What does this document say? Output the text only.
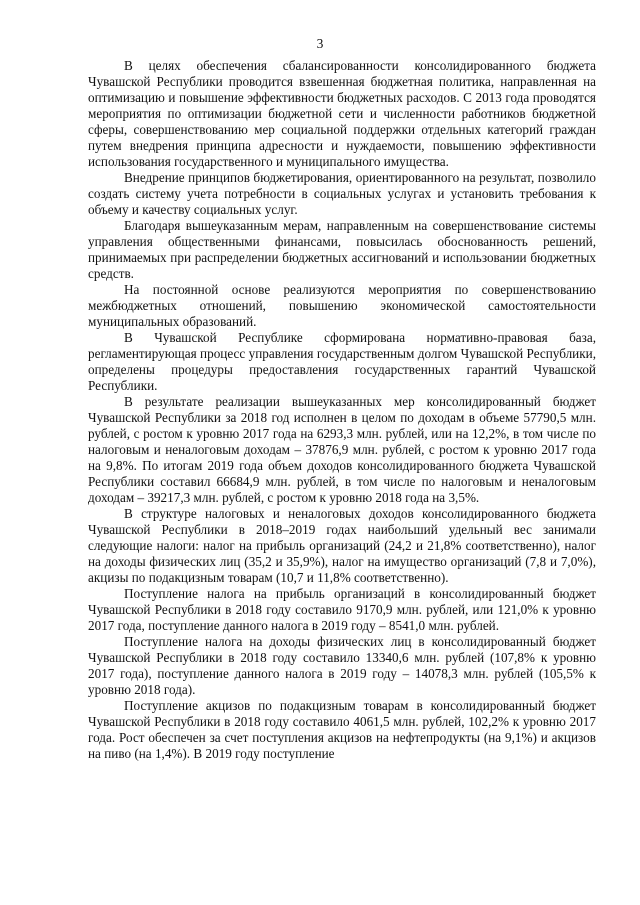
3

В целях обеспечения сбалансированности консолидированного бюджета Чувашской Республики проводится взвешенная бюджетная политика, направленная на оптимизацию и повышение эффективности бюджетных расходов. С 2013 года проводятся мероприятия по оптимизации бюджетной сети и численности работников бюджетной сферы, совершенствованию мер социальной поддержки отдельных категорий граждан путем внедрения принципа адресности и нуждаемости, повышению эффективности использования государственного и муниципального имущества.

Внедрение принципов бюджетирования, ориентированного на результат, позволило создать систему учета потребности в социальных услугах и установить требования к объему и качеству социальных услуг.

Благодаря вышеуказанным мерам, направленным на совершенствование системы управления общественными финансами, повысилась обоснованность решений, принимаемых при распределении бюджетных ассигнований и использовании бюджетных средств.

На постоянной основе реализуются мероприятия по совершенствованию межбюджетных отношений, повышению экономической самостоятельности муниципальных образований.

В Чувашской Республике сформирована нормативно-правовая база, регламентирующая процесс управления государственным долгом Чувашской Республики, определены процедуры предоставления государственных гарантий Чувашской Республики.

В результате реализации вышеуказанных мер консолидированный бюджет Чувашской Республики за 2018 год исполнен в целом по доходам в объеме 57790,5 млн. рублей, с ростом к уровню 2017 года на 6293,3 млн. рублей, или на 12,2%, в том числе по налоговым и неналоговым доходам – 37876,9 млн. рублей, с ростом к уровню 2017 года на 9,8%. По итогам 2019 года объем доходов консолидированного бюджета Чувашской Республики составил 66684,9 млн. рублей, в том числе по налоговым и неналоговым доходам – 39217,3 млн. рублей, с ростом к уровню 2018 года на 3,5%.

В структуре налоговых и неналоговых доходов консолидированного бюджета Чувашской Республики в 2018–2019 годах наибольший удельный вес занимали следующие налоги: налог на прибыль организаций (24,2 и 21,8% соответственно), налог на доходы физических лиц (35,2 и 35,9%), налог на имущество организаций (7,8 и 7,0%), акцизы по подакцизным товарам (10,7 и 11,8% соответственно).

Поступление налога на прибыль организаций в консолидированный бюджет Чувашской Республики в 2018 году составило 9170,9 млн. рублей, или 121,0% к уровню 2017 года, поступление данного налога в 2019 году – 8541,0 млн. рублей.

Поступление налога на доходы физических лиц в консолидированный бюджет Чувашской Республики в 2018 году составило 13340,6 млн. рублей (107,8% к уровню 2017 года), поступление данного налога в 2019 году – 14078,3 млн. рублей (105,5% к уровню 2018 года).

Поступление акцизов по подакцизным товарам в консолидированный бюджет Чувашской Республики в 2018 году составило 4061,5 млн. рублей, 102,2% к уровню 2017 года. Рост обеспечен за счет поступления акцизов на нефтепродукты (на 9,1%) и акцизов на пиво (на 1,4%). В 2019 году поступление
